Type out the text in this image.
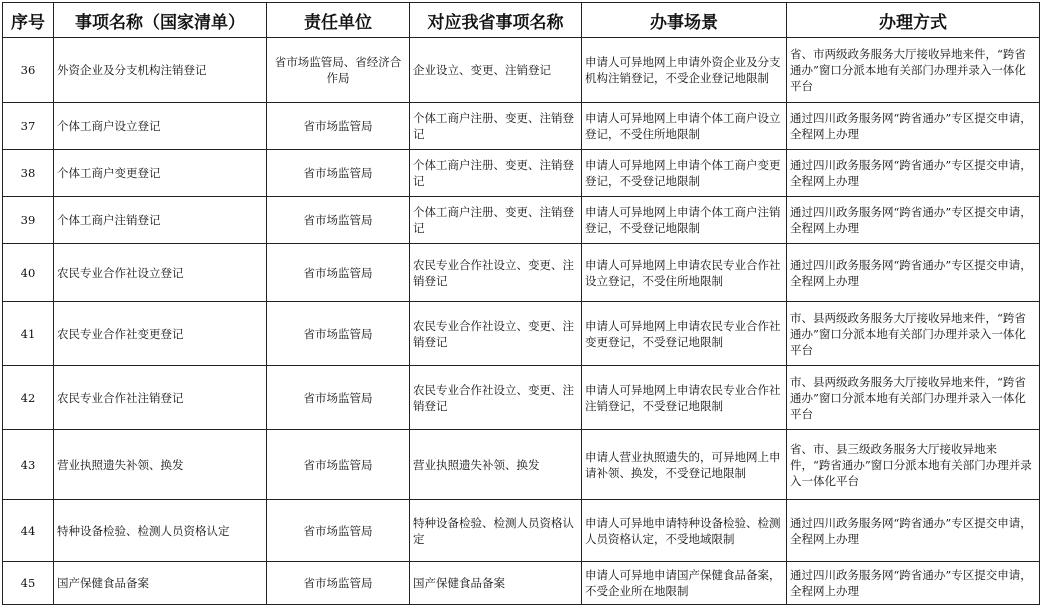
序号	事项名称（国家清单）	责任单位	对应我省事项名称	办事场景	办理方式
36	外资企业及分支机构注销登记	省市场监管局、省经济合作局	企业设立、变更、注销登记	申请人可异地网上申请外资企业及分支机构注销登记，不受企业登记地限制	省、市两级政务服务大厅接收异地来件，“跨省通办”窗口分派本地有关部门办理并录入一体化平台
37	个体工商户设立登记	省市场监管局	个体工商户注册、变更、注销登记	申请人可异地网上申请个体工商户设立登记，不受住所地限制	通过四川政务服务网“跨省通办”专区提交申请，全程网上办理
38	个体工商户变更登记	省市场监管局	个体工商户注册、变更、注销登记	申请人可异地网上申请个体工商户变更登记，不受登记地限制	通过四川政务服务网“跨省通办”专区提交申请，全程网上办理
39	个体工商户注销登记	省市场监管局	个体工商户注册、变更、注销登记	申请人可异地网上申请个体工商户注销登记，不受登记地限制	通过四川政务服务网“跨省通办”专区提交申请，全程网上办理
40	农民专业合作社设立登记	省市场监管局	农民专业合作社设立、变更、注销登记	申请人可异地网上申请农民专业合作社设立登记，不受住所地限制	通过四川政务服务网“跨省通办”专区提交申请，全程网上办理
41	农民专业合作社变更登记	省市场监管局	农民专业合作社设立、变更、注销登记	申请人可异地网上申请农民专业合作社变更登记，不受登记地限制	市、县两级政务服务大厅接收异地来件，“跨省通办”窗口分派本地有关部门办理并录入一体化平台
42	农民专业合作社注销登记	省市场监管局	农民专业合作社设立、变更、注销登记	申请人可异地网上申请农民专业合作社注销登记，不受登记地限制	市、县两级政务服务大厅接收异地来件，“跨省通办”窗口分派本地有关部门办理并录入一体化平台
43	营业执照遗失补领、换发	省市场监管局	营业执照遗失补领、换发	申请人营业执照遗失的，可异地网上申请补领、换发，不受登记地限制	省、市、县三级政务服务大厅接收异地来件，“跨省通办”窗口分派本地有关部门办理并录入一体化平台
44	特种设备检验、检测人员资格认定	省市场监管局	特种设备检验、检测人员资格认定	申请人可异地申请特种设备检验、检测人员资格认定，不受地域限制	通过四川政务服务网“跨省通办”专区提交申请，全程网上办理
45	国产保健食品备案	省市场监管局	国产保健食品备案	申请人可异地申请国产保健食品备案，不受企业所在地限制	通过四川政务服务网“跨省通办”专区提交申请，全程网上办理
